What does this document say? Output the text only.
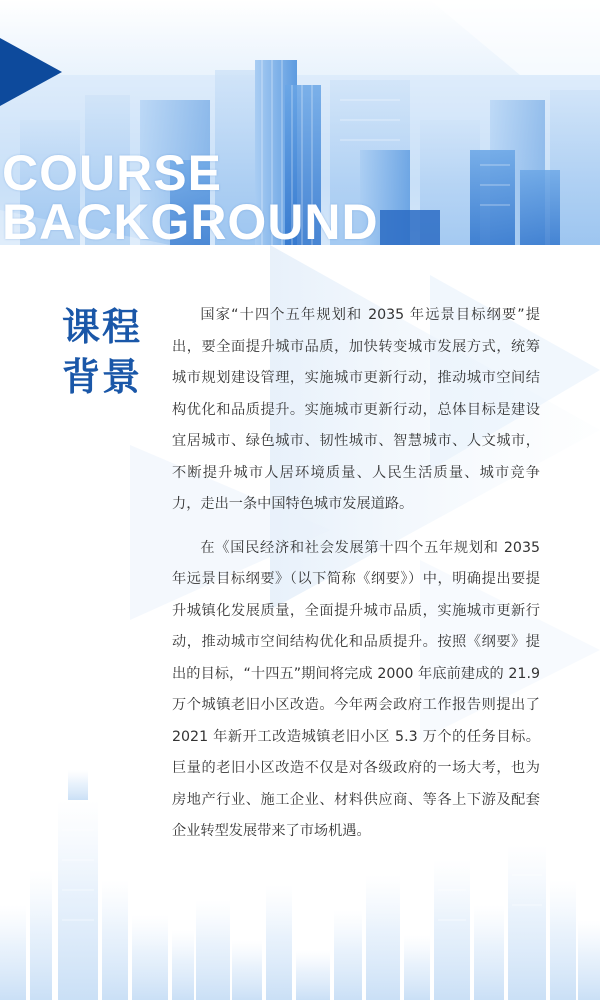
COURSE
BACKGROUND
课程
背景

国家“十四个五年规划和 2035 年远景目标纲要”提出，要全面提升城市品质，加快转变城市发展方式，统筹城市规划建设管理，实施城市更新行动，推动城市空间结构优化和品质提升。实施城市更新行动，总体目标是建设宜居城市、绿色城市、韧性城市、智慧城市、人文城市，不断提升城市人居环境质量、人民生活质量、城市竞争力，走出一条中国特色城市发展道路。

在《国民经济和社会发展第十四个五年规划和 2035 年远景目标纲要》（以下简称《纲要》）中，明确提出要提升城镇化发展质量，全面提升城市品质，实施城市更新行动，推动城市空间结构优化和品质提升。按照《纲要》提出的目标，“十四五”期间将完成 2000 年底前建成的 21.9 万个城镇老旧小区改造。今年两会政府工作报告则提出了 2021 年新开工改造城镇老旧小区 5.3 万个的任务目标。巨量的老旧小区改造不仅是对各级政府的一场大考，也为房地产行业、施工企业、材料供应商、等各上下游及配套企业转型发展带来了市场机遇。
